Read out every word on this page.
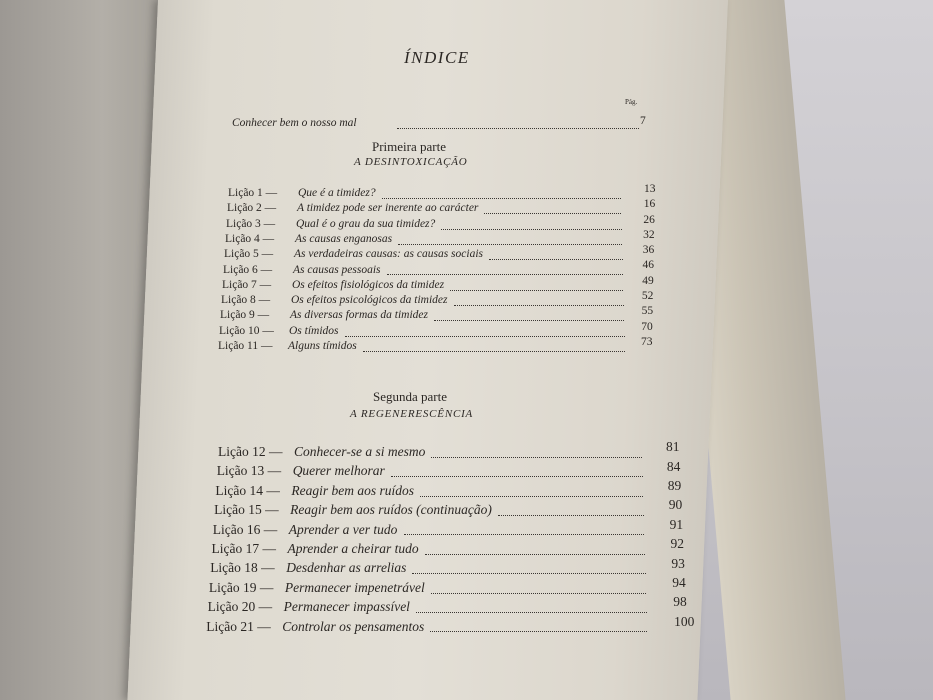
ÍNDICE
Pág.
Conhecer bem o nosso mal	7
Primeira parte
A DESINTOXICAÇÃO
Lição 1 — Que é a timidez?	13
Lição 2 — A timidez pode ser inerente ao carácter	16
Lição 3 — Qual é o grau da sua timidez?	26
Lição 4 — As causas enganosas	32
Lição 5 — As verdadeiras causas: as causas sociais	36
Lição 6 — As causas pessoais	46
Lição 7 — Os efeitos fisiológicos da timidez	49
Lição 8 — Os efeitos psicológicos da timidez	52
Lição 9 — As diversas formas da timidez	55
Lição 10 — Os tímidos	70
Lição 11 — Alguns tímidos	73
Segunda parte
A REGENERESCÊNCIA
Lição 12 — Conhecer-se a si mesmo	81
Lição 13 — Querer melhorar	84
Lição 14 — Reagir bem aos ruídos	89
Lição 15 — Reagir bem aos ruídos (continuação)	90
Lição 16 — Aprender a ver tudo	91
Lição 17 — Aprender a cheirar tudo	92
Lição 18 — Desdenhar as arrelias	93
Lição 19 — Permanecer impenetrável	94
Lição 20 — Permanecer impassível	98
Lição 21 — Controlar os pensamentos	100
